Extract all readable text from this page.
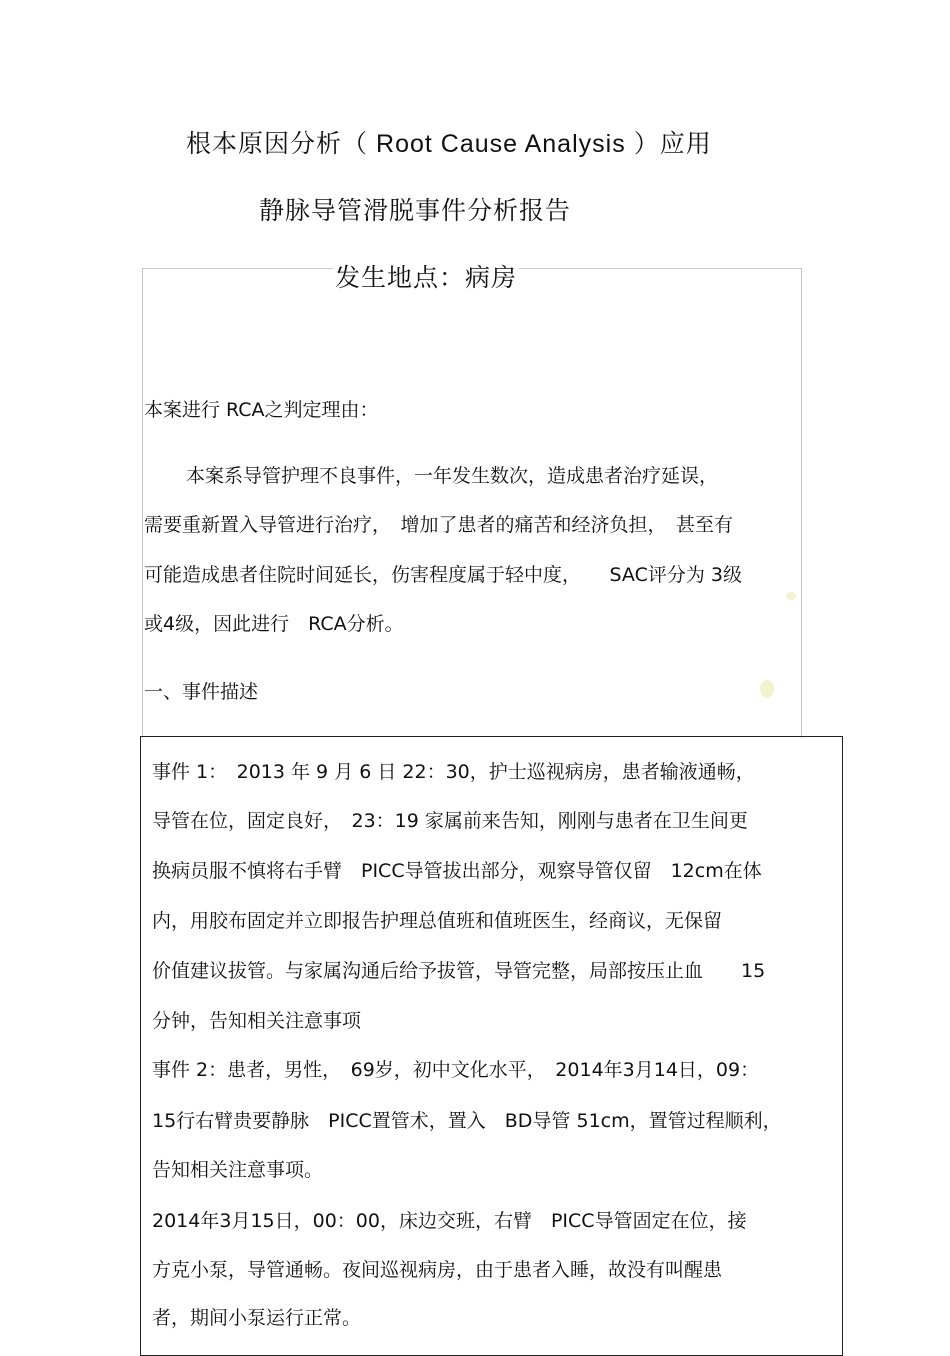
根本原因分析（ Root Cause Analysis ）应用
静脉导管滑脱事件分析报告
发生地点：病房
本案进行 RCA之判定理由：
本案系导管护理不良事件，一年发生数次，造成患者治疗延误，
需要重新置入导管进行治疗，　增加了患者的痛苦和经济负担，　甚至有
可能造成患者住院时间延长，伤害程度属于轻中度，　　SAC评分为 3级
或4级，因此进行　RCA分析。
一、事件描述
事件 1：　2013 年 9 月 6 日 22：30，护士巡视病房，患者输液通畅，
导管在位，固定良好，　23：19 家属前来告知，刚刚与患者在卫生间更
换病员服不慎将右手臂　PICC导管拔出部分，观察导管仅留　12cm在体
内，用胶布固定并立即报告护理总值班和值班医生，经商议，无保留
价值建议拔管。与家属沟通后给予拔管，导管完整，局部按压止血　　15
分钟，告知相关注意事项
事件 2：患者，男性，　69岁，初中文化水平，　2014年3月14日，09：
15行右臂贵要静脉　PICC置管术，置入　BD导管 51cm，置管过程顺利，
告知相关注意事项。
2014年3月15日，00：00，床边交班，右臂　PICC导管固定在位，接
方克小泵，导管通畅。夜间巡视病房，由于患者入睡，故没有叫醒患
者，期间小泵运行正常。
